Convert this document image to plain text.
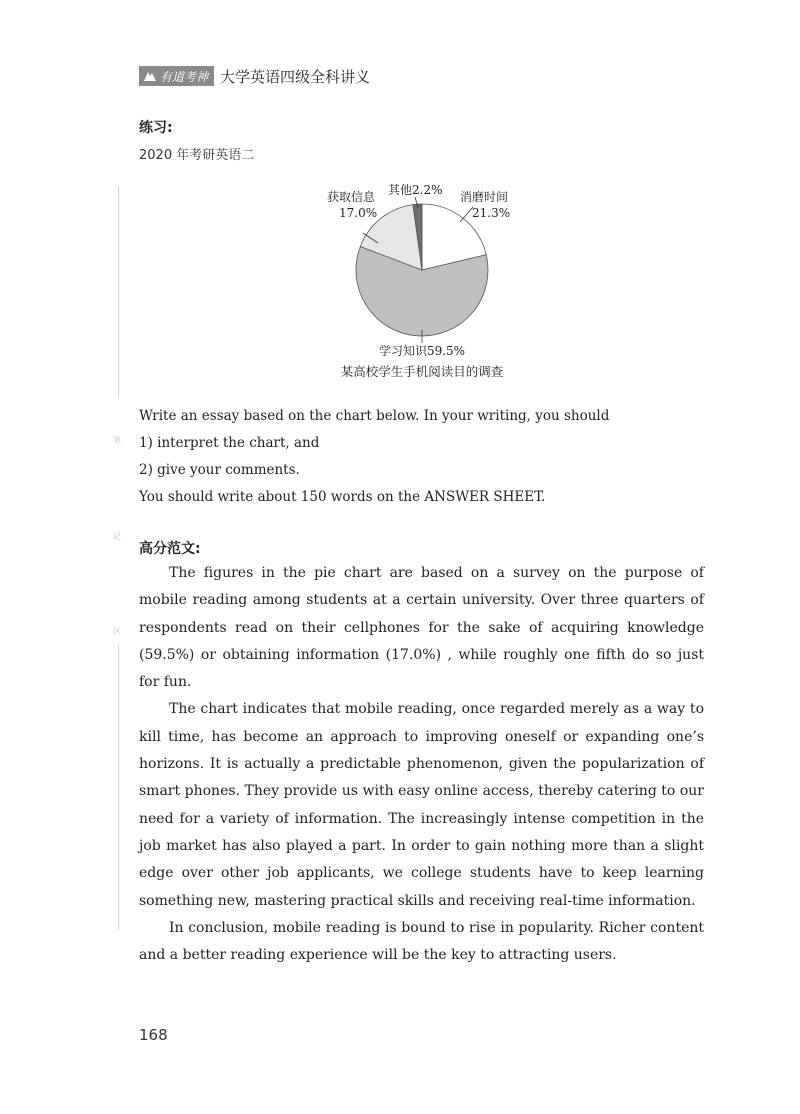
有道考神 大学英语四级全科讲义
笔
记
区
练习:
2020 年考研英语二
消磨时间
21.3%
学习知识59.5%
获取信息
17.0%
其他2.2%
某高校学生手机阅读目的调查
Write an essay based on the chart below. In your writing, you should
1) interpret the chart, and
2) give your comments.
You should write about 150 words on the ANSWER SHEET.
高分范文:

The figures in the pie chart are based on a survey on the purpose of mobile reading among students at a certain university. Over three quarters of respondents read on their cellphones for the sake of acquiring knowledge (59.5%) or obtaining information (17.0%) , while roughly one fifth do so just for fun.

The chart indicates that mobile reading, once regarded merely as a way to kill time, has become an approach to improving oneself or expanding one’s horizons. It is actually a predictable phenomenon, given the popularization of smart phones. They provide us with easy online access, thereby catering to our need for a variety of information. The increasingly intense competition in the job market has also played a part. In order to gain nothing more than a slight edge over other job applicants, we college students have to keep learning something new, mastering practical skills and receiving real-time information.

In conclusion, mobile reading is bound to rise in popularity. Richer content and a better reading experience will be the key to attracting users.

168
